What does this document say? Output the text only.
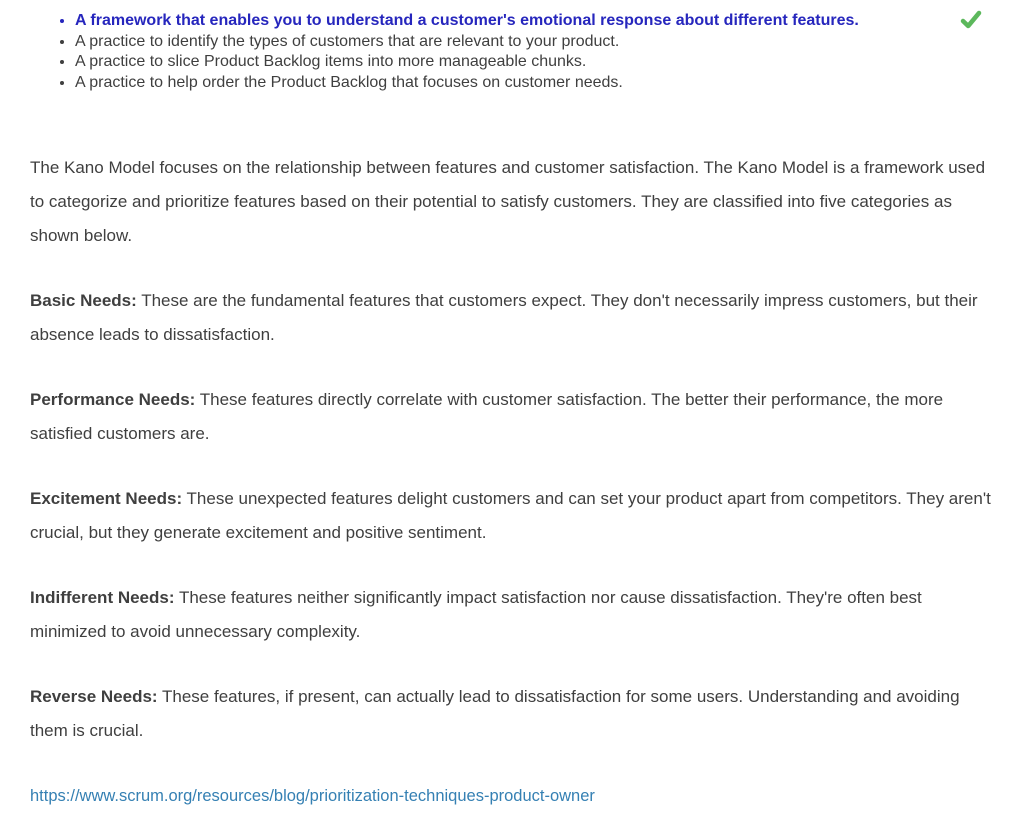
• A framework that enables you to understand a customer's emotional response about different features.
• A practice to identify the types of customers that are relevant to your product.
• A practice to slice Product Backlog items into more manageable chunks.
• A practice to help order the Product Backlog that focuses on customer needs.

The Kano Model focuses on the relationship between features and customer satisfaction. The Kano Model is a framework used to categorize and prioritize features based on their potential to satisfy customers. They are classified into five categories as shown below.

Basic Needs: These are the fundamental features that customers expect. They don't necessarily impress customers, but their absence leads to dissatisfaction.

Performance Needs: These features directly correlate with customer satisfaction. The better their performance, the more satisfied customers are.

Excitement Needs: These unexpected features delight customers and can set your product apart from competitors. They aren't crucial, but they generate excitement and positive sentiment.

Indifferent Needs: These features neither significantly impact satisfaction nor cause dissatisfaction. They're often best minimized to avoid unnecessary complexity.

Reverse Needs: These features, if present, can actually lead to dissatisfaction for some users. Understanding and avoiding them is crucial.

https://www.scrum.org/resources/blog/prioritization-techniques-product-owner
